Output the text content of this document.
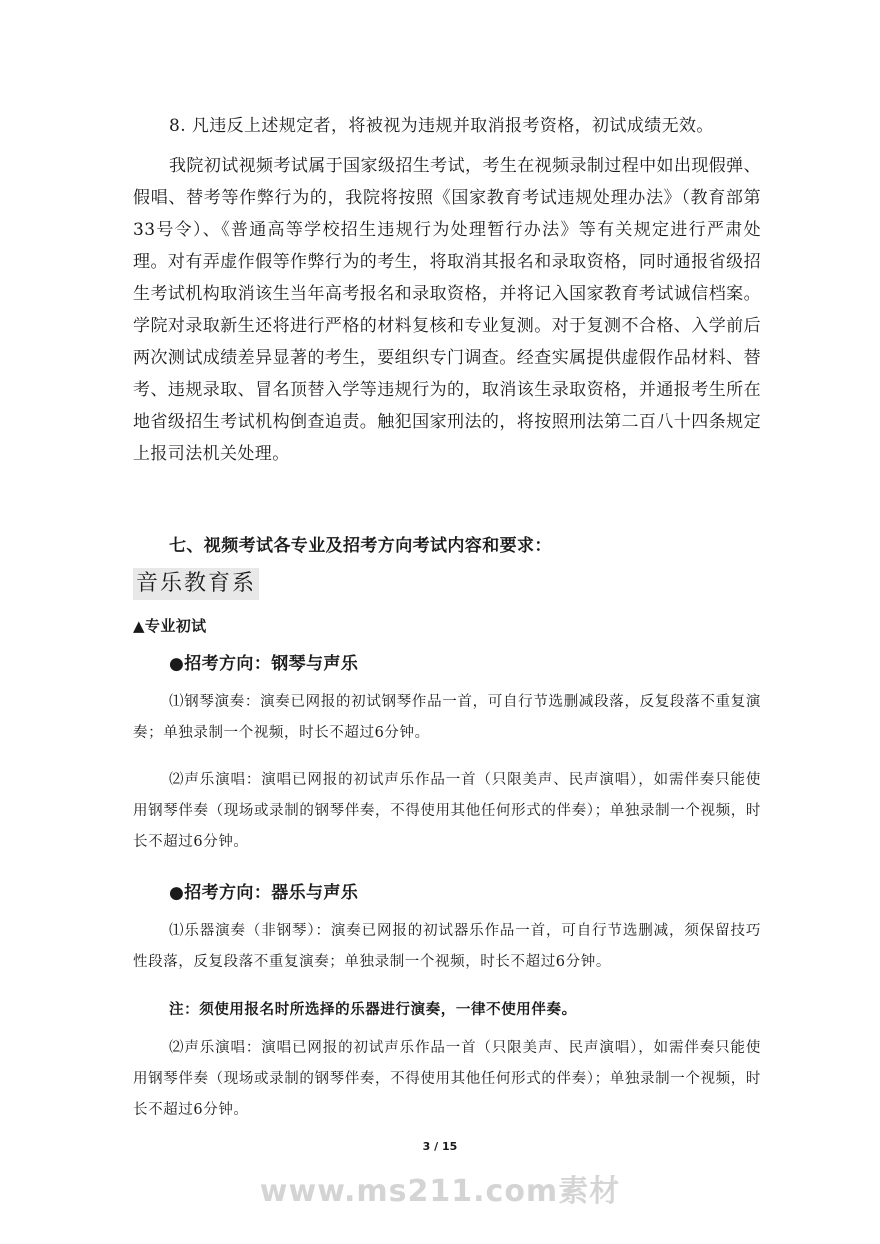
8. 凡违反上述规定者，将被视为违规并取消报考资格，初试成绩无效。

我院初试视频考试属于国家级招生考试，考生在视频录制过程中如出现假弹、假唱、替考等作弊行为的，我院将按照《国家教育考试违规处理办法》（教育部第33号令）、《普通高等学校招生违规行为处理暂行办法》等有关规定进行严肃处理。对有弄虚作假等作弊行为的考生，将取消其报名和录取资格，同时通报省级招生考试机构取消该生当年高考报名和录取资格，并将记入国家教育考试诚信档案。学院对录取新生还将进行严格的材料复核和专业复测。对于复测不合格、入学前后两次测试成绩差异显著的考生，要组织专门调查。经查实属提供虚假作品材料、替考、违规录取、冒名顶替入学等违规行为的，取消该生录取资格，并通报考生所在地省级招生考试机构倒查追责。触犯国家刑法的，将按照刑法第二百八十四条规定上报司法机关处理。

七、视频考试各专业及招考方向考试内容和要求：

音乐教育系

▲专业初试

●招考方向：钢琴与声乐

⑴钢琴演奏：演奏已网报的初试钢琴作品一首，可自行节选删减段落，反复段落不重复演奏；单独录制一个视频，时长不超过6分钟。

⑵声乐演唱：演唱已网报的初试声乐作品一首（只限美声、民声演唱），如需伴奏只能使用钢琴伴奏（现场或录制的钢琴伴奏，不得使用其他任何形式的伴奏）；单独录制一个视频，时长不超过6分钟。

●招考方向：器乐与声乐

⑴乐器演奏（非钢琴）：演奏已网报的初试器乐作品一首，可自行节选删减，须保留技巧性段落，反复段落不重复演奏；单独录制一个视频，时长不超过6分钟。

注：须使用报名时所选择的乐器进行演奏，一律不使用伴奏。

⑵声乐演唱：演唱已网报的初试声乐作品一首（只限美声、民声演唱），如需伴奏只能使用钢琴伴奏（现场或录制的钢琴伴奏，不得使用其他任何形式的伴奏）；单独录制一个视频，时长不超过6分钟。

3 / 15
www.ms211.com素材
